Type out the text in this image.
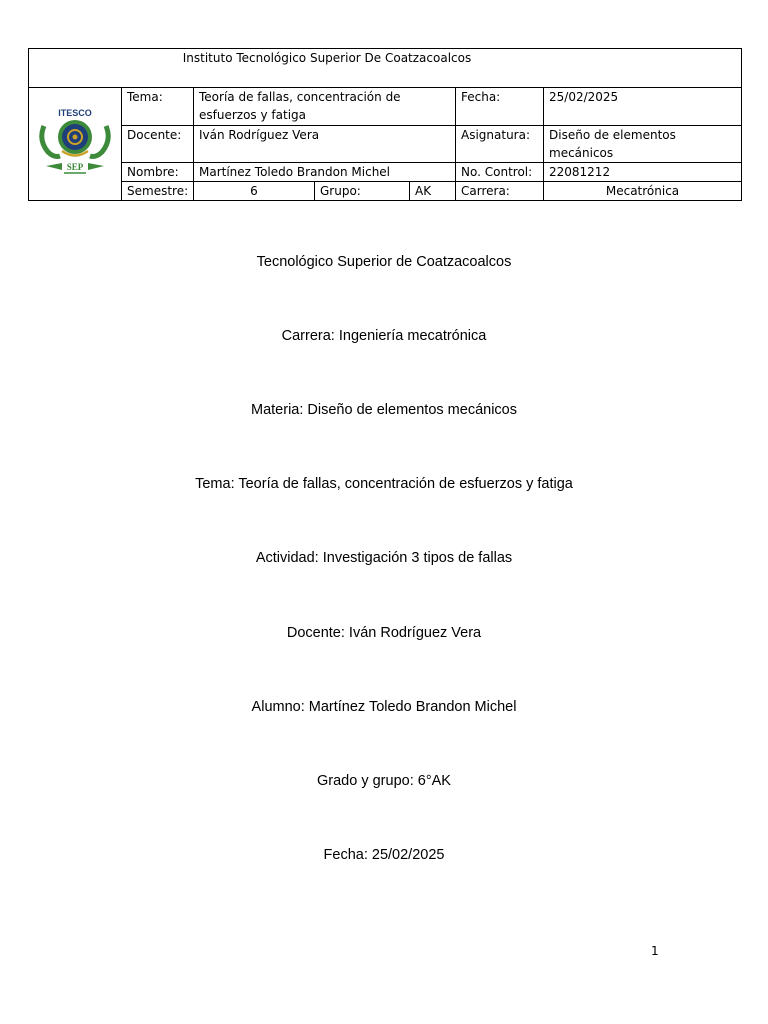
Instituto Tecnológico Superior De Coatzacoalcos						

ITESCO
SEP	Tema:	Teoría de fallas, concentración de esfuerzos y fatiga			Fecha:	25/02/2025
	Docente:	Iván Rodríguez Vera			Asignatura:	Diseño de elementos mecánicos
	Nombre:	Martínez Toledo Brandon Michel			No. Control:	22081212
	Semestre:	6	Grupo:	AK	Carrera:	Mecatrónica
Tecnológico Superior de Coatzacoalcos
Carrera: Ingeniería mecatrónica
Materia: Diseño de elementos mecánicos
Tema: Teoría de fallas, concentración de esfuerzos y fatiga
Actividad: Investigación 3 tipos de fallas
Docente: Iván Rodríguez Vera
Alumno: Martínez Toledo Brandon Michel
Grado y grupo: 6°AK
Fecha: 25/02/2025
1
